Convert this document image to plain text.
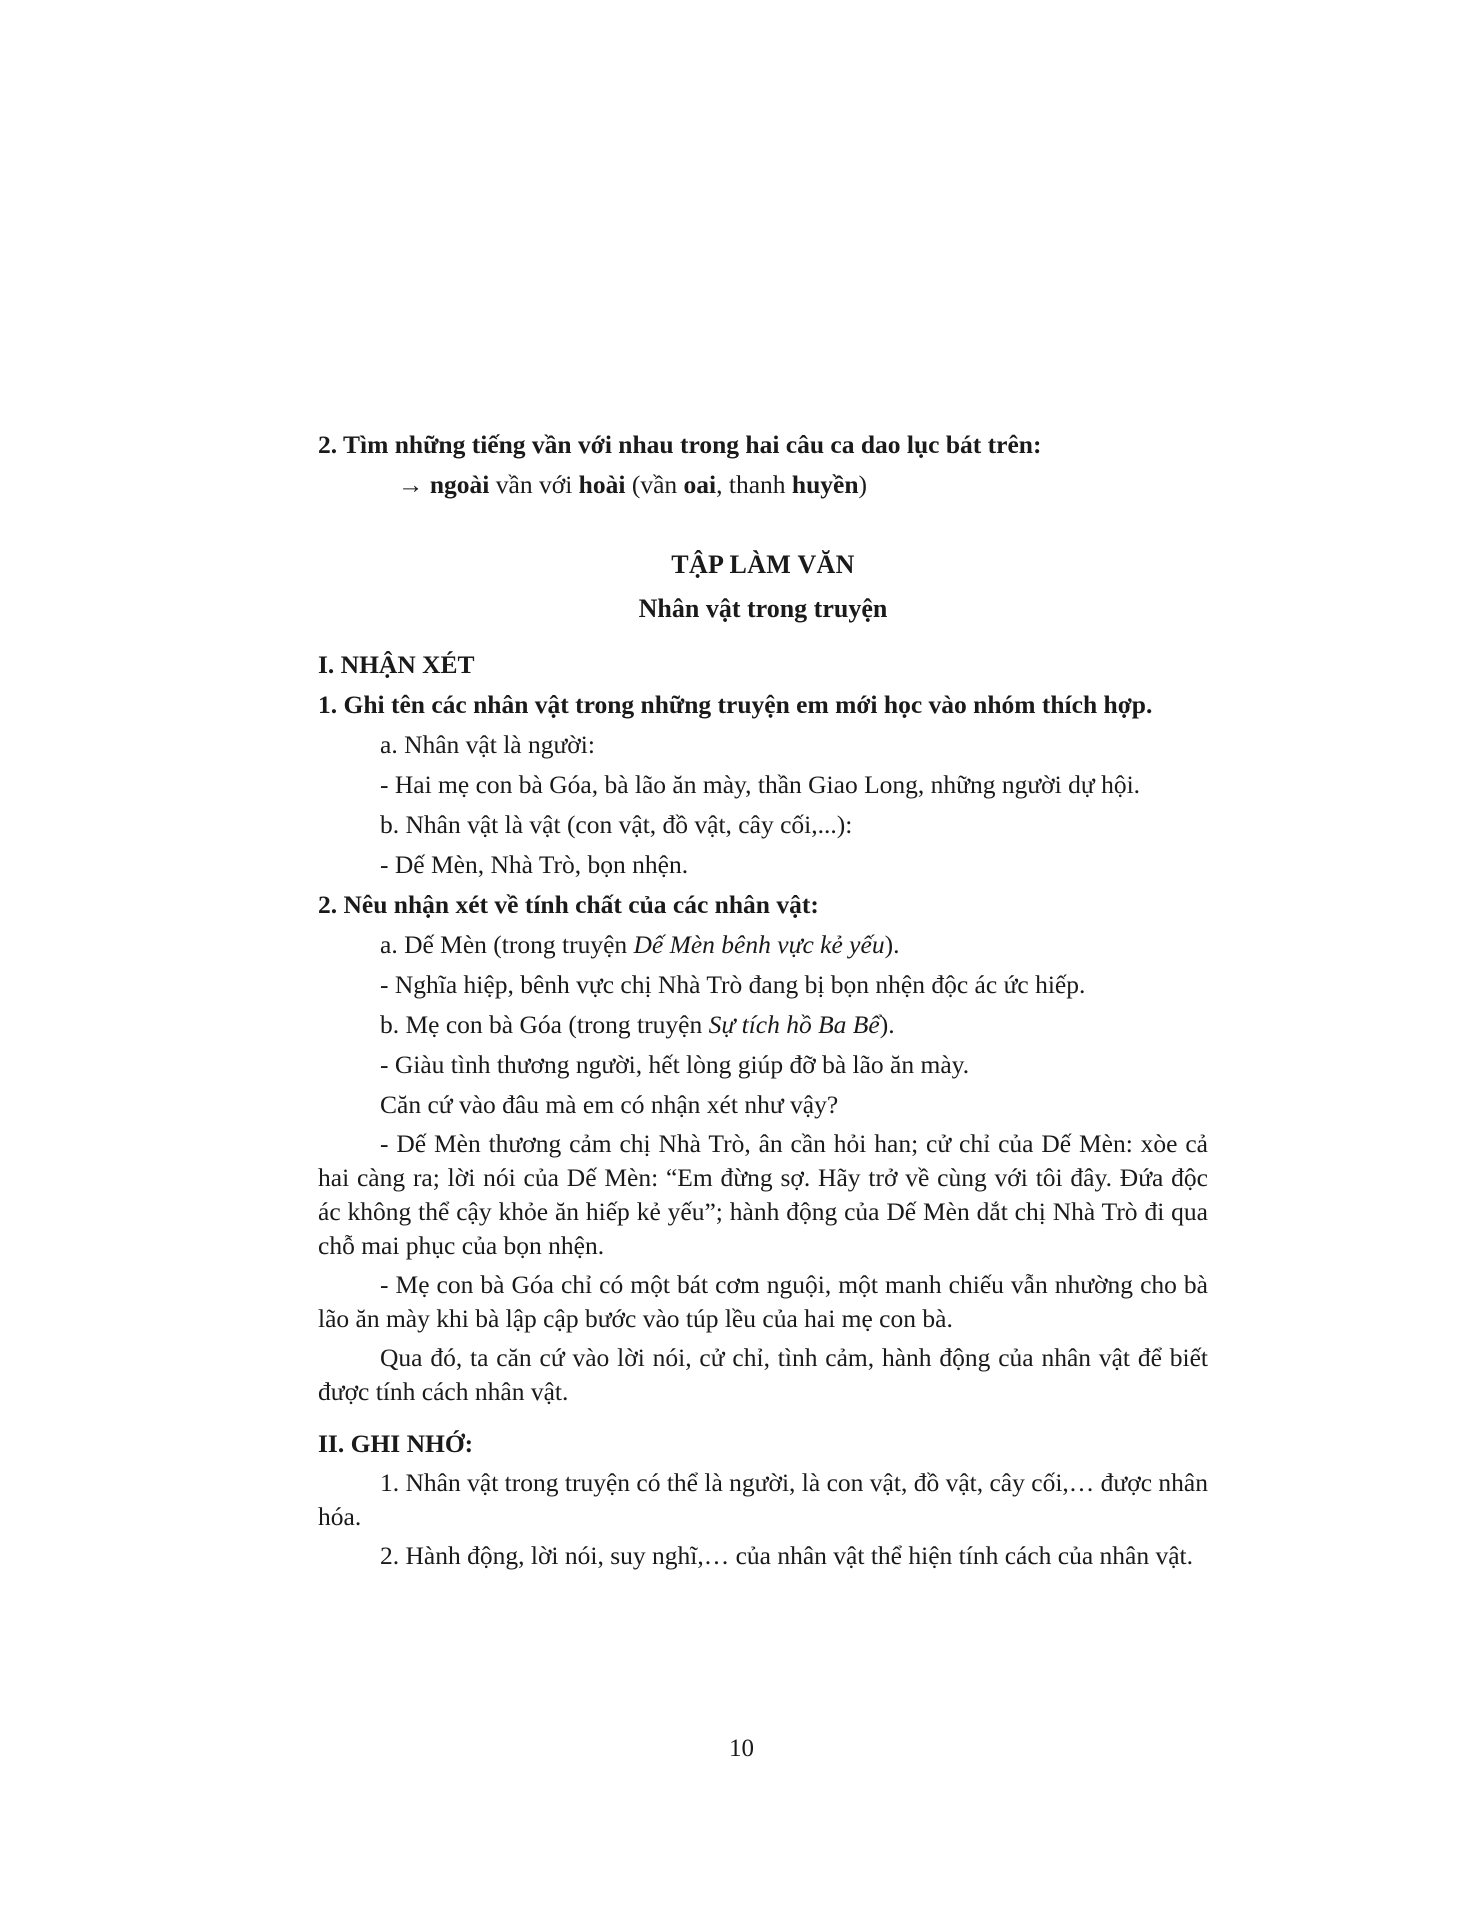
2. Tìm những tiếng vần với nhau trong hai câu ca dao lục bát trên:
→ ngoài vần với hoài (vần oai, thanh huyền)
TẬP LÀM VĂN
Nhân vật trong truyện
I. NHẬN XÉT
1. Ghi tên các nhân vật trong những truyện em mới học vào nhóm thích hợp.
a. Nhân vật là người:
- Hai mẹ con bà Góa, bà lão ăn mày, thần Giao Long, những người dự hội.
b. Nhân vật là vật (con vật, đồ vật, cây cối,...):
- Dế Mèn, Nhà Trò, bọn nhện.
2. Nêu nhận xét về tính chất của các nhân vật:
a. Dế Mèn (trong truyện Dế Mèn bênh vực kẻ yếu).
- Nghĩa hiệp, bênh vực chị Nhà Trò đang bị bọn nhện độc ác ức hiếp.
b. Mẹ con bà Góa (trong truyện Sự tích hồ Ba Bể).
- Giàu tình thương người, hết lòng giúp đỡ bà lão ăn mày.
Căn cứ vào đâu mà em có nhận xét như vậy?

- Dế Mèn thương cảm chị Nhà Trò, ân cần hỏi han; cử chỉ của Dế Mèn: xòe cả hai càng ra; lời nói của Dế Mèn: “Em đừng sợ. Hãy trở về cùng với tôi đây. Đứa độc ác không thể cậy khỏe ăn hiếp kẻ yếu”; hành động của Dế Mèn dắt chị Nhà Trò đi qua chỗ mai phục của bọn nhện.

- Mẹ con bà Góa chỉ có một bát cơm nguội, một manh chiếu vẫn nhường cho bà lão ăn mày khi bà lập cập bước vào túp lều của hai mẹ con bà.

Qua đó, ta căn cứ vào lời nói, cử chỉ, tình cảm, hành động của nhân vật để biết được tính cách nhân vật.

II. GHI NHỚ:

1. Nhân vật trong truyện có thể là người, là con vật, đồ vật, cây cối,… được nhân hóa.

2. Hành động, lời nói, suy nghĩ,… của nhân vật thể hiện tính cách của nhân vật.

10
